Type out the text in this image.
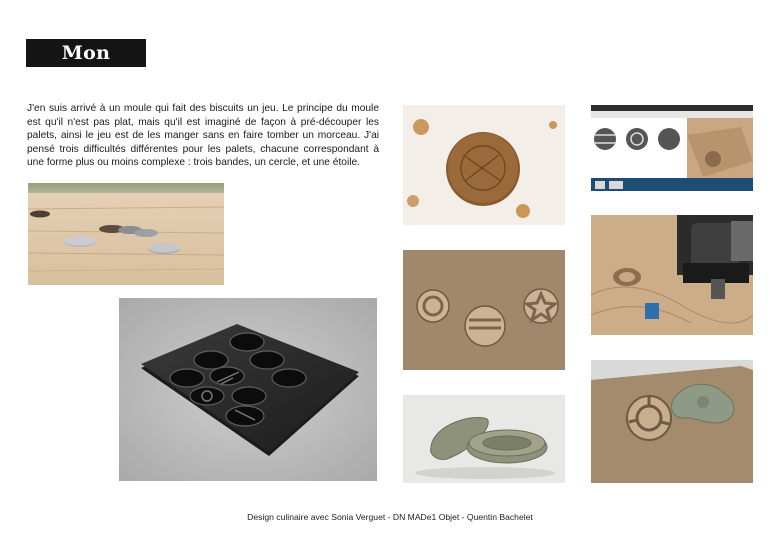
Mon projet

J'en suis arrivé à un moule qui fait des biscuits un jeu. Le principe du moule est qu'il n'est pas plat, mais qu'il est imaginé de façon à pré-découper les palets, ainsi le jeu est de les manger sans en faire tomber un morceau. J'ai pensé trois difficultés différentes pour les palets, chacune correspondant à une forme plus ou moins complexe : trois bandes, un cercle, et une étoile.

Design culinaire avec Sonia Verguet - DN MADe1 Objet - Quentin Bachelet
